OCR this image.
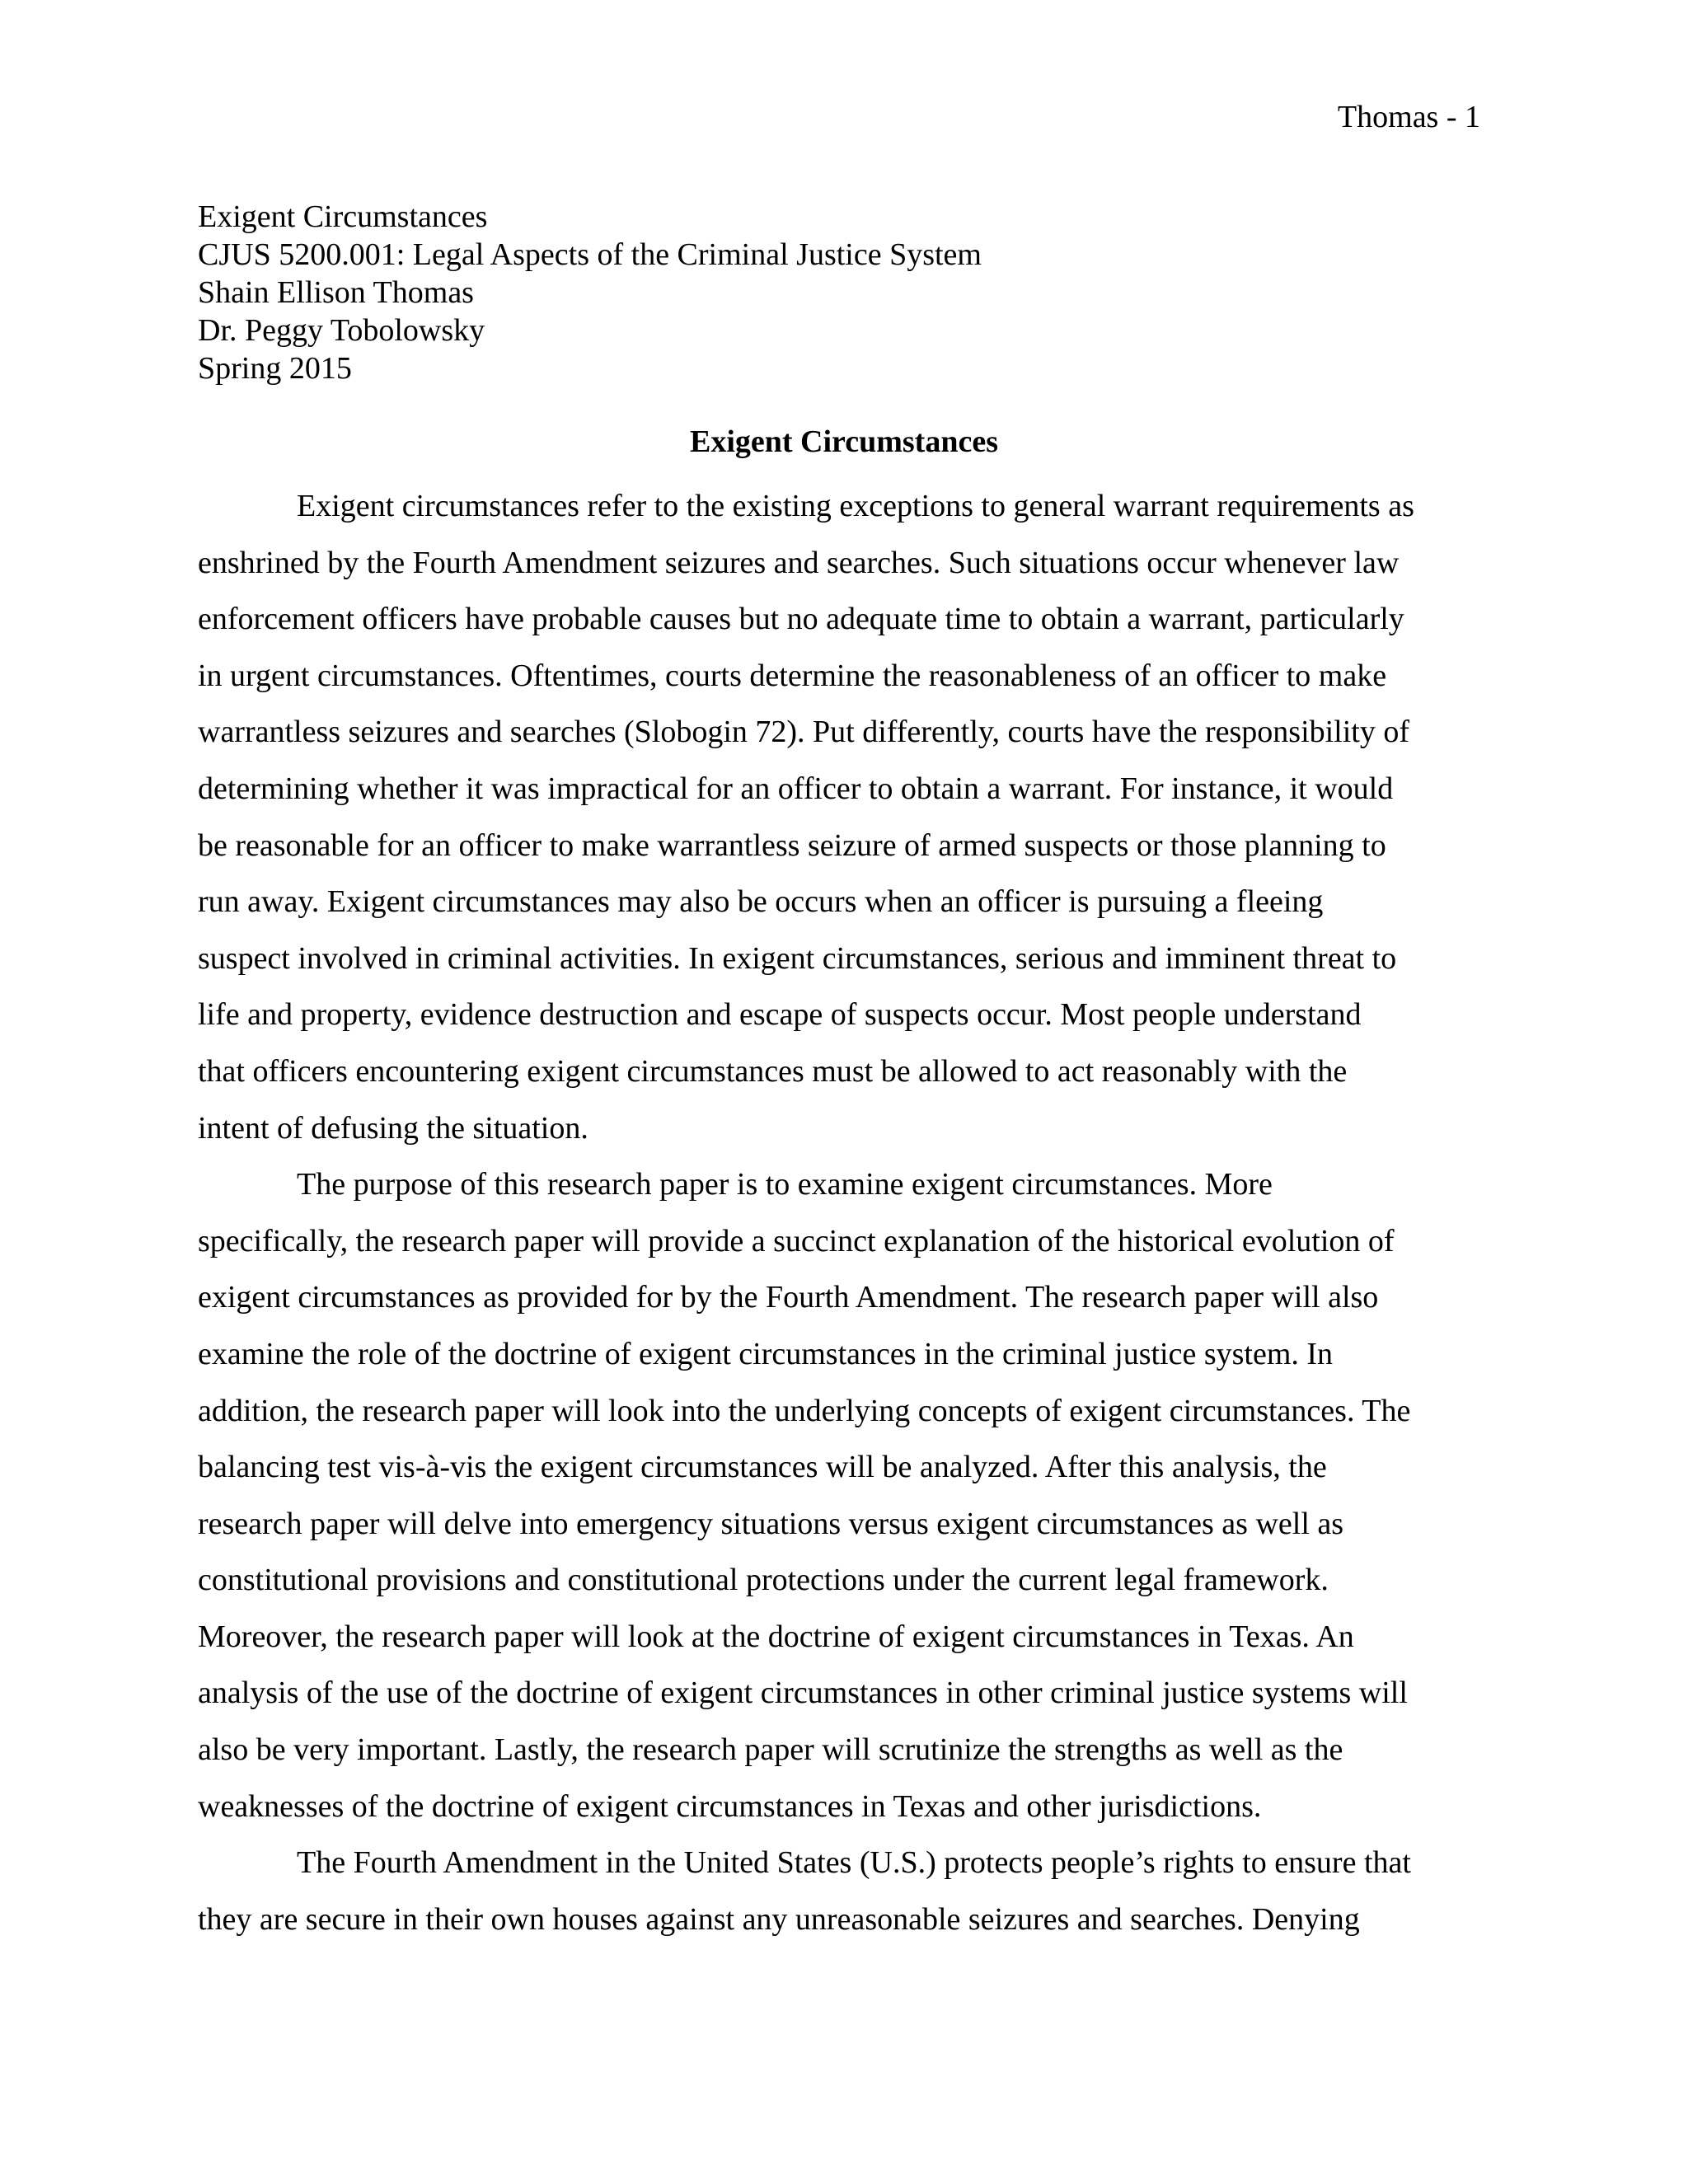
Thomas - 1
Exigent Circumstances
CJUS 5200.001: Legal Aspects of the Criminal Justice System
Shain Ellison Thomas
Dr. Peggy Tobolowsky
Spring 2015
Exigent Circumstances
Exigent circumstances refer to the existing exceptions to general warrant requirements as
enshrined by the Fourth Amendment seizures and searches. Such situations occur whenever law
enforcement officers have probable causes but no adequate time to obtain a warrant, particularly
in urgent circumstances. Oftentimes, courts determine the reasonableness of an officer to make
warrantless seizures and searches (Slobogin 72). Put differently, courts have the responsibility of
determining whether it was impractical for an officer to obtain a warrant. For instance, it would
be reasonable for an officer to make warrantless seizure of armed suspects or those planning to
run away. Exigent circumstances may also be occurs when an officer is pursuing a fleeing
suspect involved in criminal activities. In exigent circumstances, serious and imminent threat to
life and property, evidence destruction and escape of suspects occur. Most people understand
that officers encountering exigent circumstances must be allowed to act reasonably with the
intent of defusing the situation.
The purpose of this research paper is to examine exigent circumstances. More
specifically, the research paper will provide a succinct explanation of the historical evolution of
exigent circumstances as provided for by the Fourth Amendment. The research paper will also
examine the role of the doctrine of exigent circumstances in the criminal justice system. In
addition, the research paper will look into the underlying concepts of exigent circumstances. The
balancing test vis-à-vis the exigent circumstances will be analyzed. After this analysis, the
research paper will delve into emergency situations versus exigent circumstances as well as
constitutional provisions and constitutional protections under the current legal framework.
Moreover, the research paper will look at the doctrine of exigent circumstances in Texas. An
analysis of the use of the doctrine of exigent circumstances in other criminal justice systems will
also be very important. Lastly, the research paper will scrutinize the strengths as well as the
weaknesses of the doctrine of exigent circumstances in Texas and other jurisdictions.
The Fourth Amendment in the United States (U.S.) protects people’s rights to ensure that
they are secure in their own houses against any unreasonable seizures and searches. Denying
